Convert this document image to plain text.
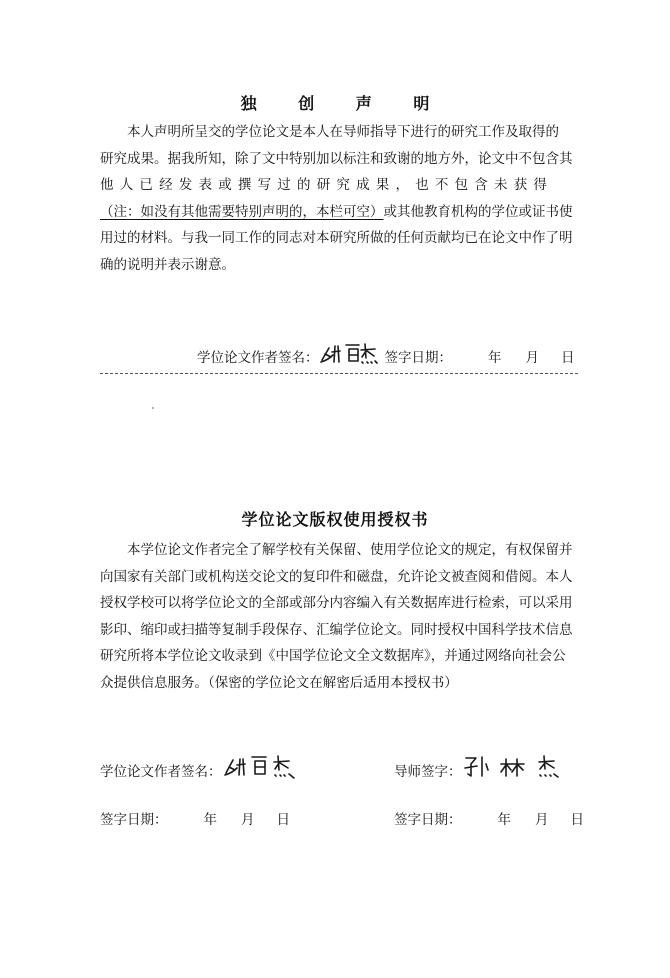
独 创 声 明
本人声明所呈交的学位论文是本人在导师指导下进行的研究工作及取得的
研究成果。据我所知，除了文中特别加以标注和致谢的地方外，论文中不包含其
他人已经发表或撰写过的研究成果，也不包含未获得
（注：如没有其他需要特别声明的，本栏可空）或其他教育机构的学位或证书使
用过的材料。与我一同工作的同志对本研究所做的任何贡献均已在论文中作了明
确的说明并表示谢意。
学位论文作者签名：	签字日期：	年 月 日
学位论文版权使用授权书
本学位论文作者完全了解学校有关保留、使用学位论文的规定，有权保留并
向国家有关部门或机构送交论文的复印件和磁盘，允许论文被查阅和借阅。本人
授权学校可以将学位论文的全部或部分内容编入有关数据库进行检索，可以采用
影印、缩印或扫描等复制手段保存、汇编学位论文。同时授权中国科学技术信息
研究所将本学位论文收录到《中国学位论文全文数据库》，并通过网络向社会公
众提供信息服务。（保密的学位论文在解密后适用本授权书）
学位论文作者签名：	导师签字：
签字日期：	年 月 日	签字日期：	年 月 日
